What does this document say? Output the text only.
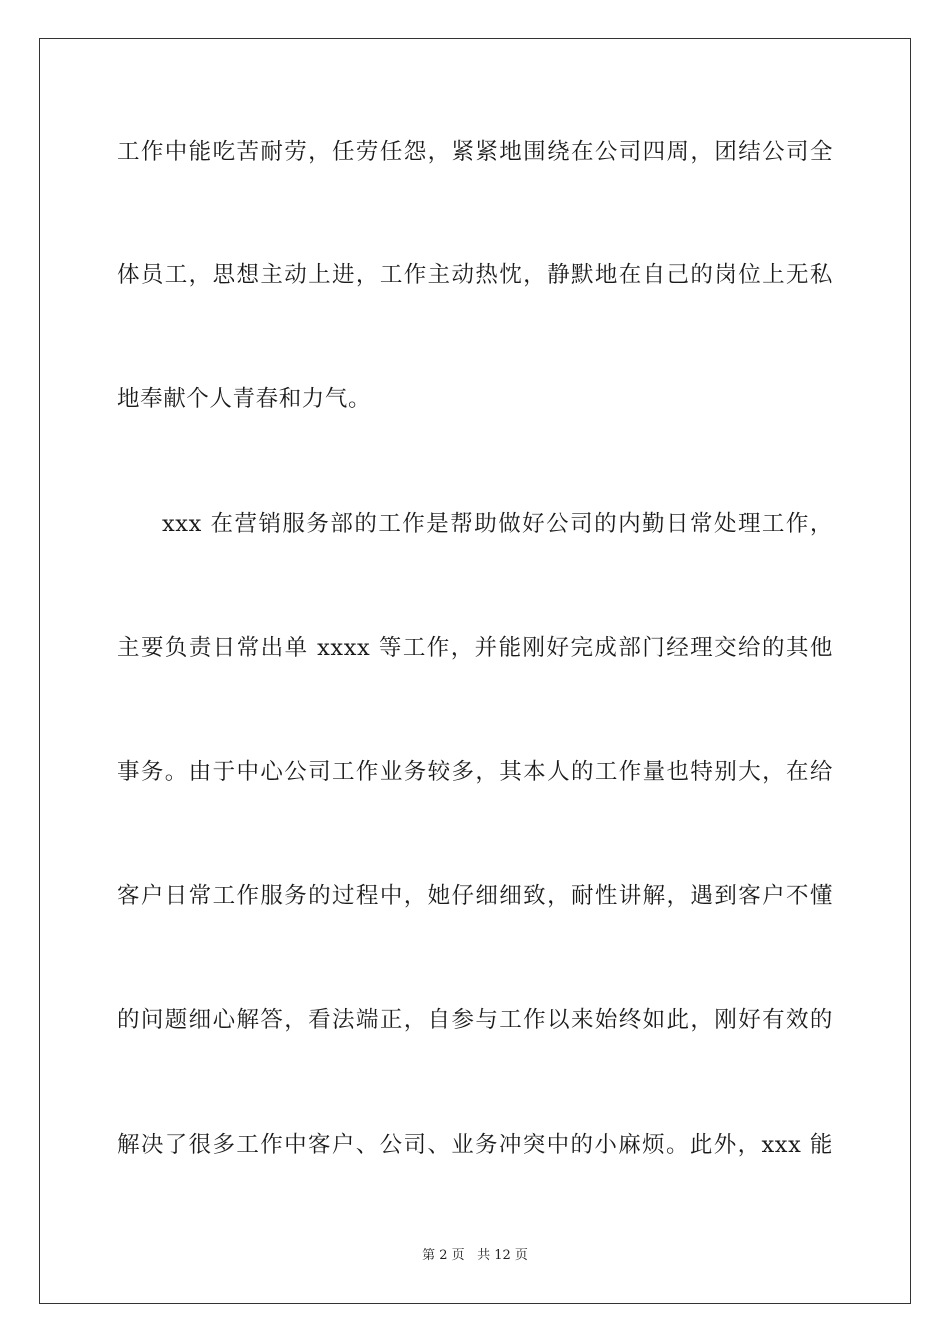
工作中能吃苦耐劳，任劳任怨，紧紧地围绕在公司四周，团结公司全
体员工，思想主动上进，工作主动热忱，静默地在自己的岗位上无私
地奉献个人青春和力气。
xxx 在营销服务部的工作是帮助做好公司的内勤日常处理工作，
主要负责日常出单 xxxx 等工作，并能刚好完成部门经理交给的其他
事务。由于中心公司工作业务较多，其本人的工作量也特别大，在给
客户日常工作服务的过程中，她仔细细致，耐性讲解，遇到客户不懂
的问题细心解答，看法端正，自参与工作以来始终如此，刚好有效的
解决了很多工作中客户、公司、业务冲突中的小麻烦。此外，xxx 能
第 2 页 共 12 页
